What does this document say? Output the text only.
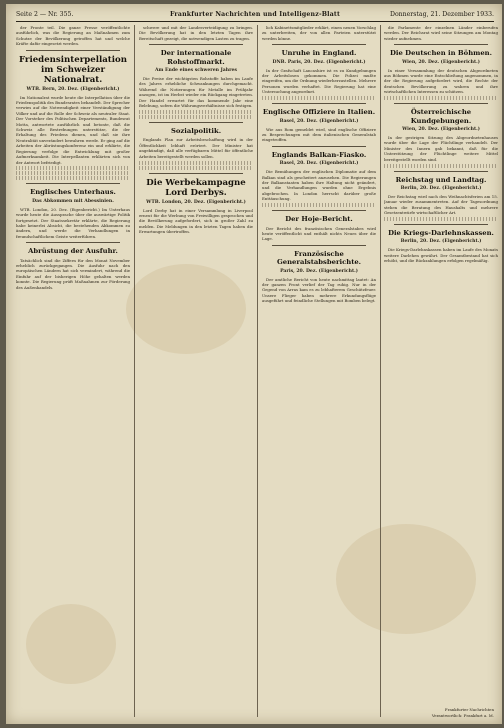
Seite 2 — Nr. 355.	Frankfurter Nachrichten und Intelligenz-Blatt	Donnerstag, 21. Dezember 1933.

der Fronte teil. Die ganze Presse veröffentlichte ausführlich, was die Regierung an Maßnahmen zum Schutze der Bevölkerung getroffen hat und welche Kräfte dafür eingesetzt werden.

Friedensinterpellation im Schweizer Nationalrat.
WTB. Bern, 20. Dez. (Eigenbericht.)

Im Nationalrat wurde heute die Interpellation über die Friedenspolitik des Bundesrates behandelt. Der Sprecher verwies auf die Notwendigkeit einer Verständigung der Völker und auf die Rolle der Schweiz als neutraler Staat. Der Vorsteher des Politischen Departements, Bundesrat Motta, antwortete ausführlich und betonte, daß die Schweiz alle Bestrebungen unterstütze, die der Erhaltung des Friedens dienen, und daß sie ihre Neutralität unverändert bewahren werde. Er ging auf die Arbeiten der Abrüstungskonferenz ein und erklärte, die Regierung verfolge die Entwicklung mit großer Aufmerksamkeit. Die Interpellanten erklärten sich von der Antwort befriedigt.

Englisches Unterhaus.
Das Abkommen mit Abessinien.

WTB. London, 20. Dez. (Eigenbericht.) Im Unterhaus wurde heute die Aussprache über die auswärtige Politik fortgesetzt. Der Staatssekretär erklärte, die Regierung habe keinerlei Absicht, die bestehenden Abkommen zu ändern, und werde die Verhandlungen in freundschaftlichem Geiste weiterführen.

Abrüstung der Ausfuhr.

Tatsächlich sind die Ziffern für den Monat November erheblich zurückgegangen. Die Ausfuhr nach den europäischen Ländern hat sich vermindert, während die Einfuhr auf der bisherigen Höhe gehalten werden konnte. Die Regierung prüft Maßnahmen zur Förderung des Außenhandels.

schwere und mit der Landesverteidigung zu bringen. Die Bevölkerung hat in den letzten Tagen ihre Bereitschaft gezeigt, die notwendigen Lasten zu tragen.

Der internationale Rohstoffmarkt.
Am Ende eines schweren Jahres

Die Preise der wichtigsten Rohstoffe haben im Laufe des Jahres erhebliche Schwankungen durchgemacht. Während die Notierungen für Metalle im Frühjahr anzogen, ist im Herbst wieder ein Rückgang eingetreten. Der Handel erwartet für das kommende Jahr eine Belebung, sofern die Währungsverhältnisse sich festigen.

Sozialpolitik.

Englands Plan zur Arbeitsbeschaffung wird in der Öffentlichkeit lebhaft erörtert. Der Minister hat angekündigt, daß alle verfügbaren Mittel für öffentliche Arbeiten bereitgestellt werden sollen.

Die Werbekampagne Lord Derbys.
WTB. London, 20. Dez. (Eigenbericht.)

Lord Derby hat in einer Versammlung in Liverpool erneut für die Werbung von Freiwilligen gesprochen und die Bevölkerung aufgefordert, sich in großer Zahl zu melden. Die Meldungen in den letzten Tagen haben die Erwartungen übertroffen.

lich Kabinettsmitglieder erklärt, einen neuen Vorschlag zu unterbreiten, der von allen Parteien unterstützt werden könne.

Unruhe in England.
DNB. Paris, 20. Dez. (Eigenbericht.)

In der Grafschaft Lancashire ist es zu Kundgebungen der Arbeitslosen gekommen. Die Polizei mußte eingreifen, um die Ordnung wiederherzustellen. Mehrere Personen wurden verhaftet. Die Regierung hat eine Untersuchung angeordnet.

Englische Offiziere in Italien.
Basel, 20. Dez. (Eigenbericht.)

Wie aus Rom gemeldet wird, sind englische Offiziere zu Besprechungen mit dem italienischen Generalstab eingetroffen.

Englands Balkan-Fiasko.
Basel, 20. Dez. (Eigenbericht.)

Die Bemühungen der englischen Diplomatie auf dem Balkan sind als gescheitert anzusehen. Die Regierungen der Balkanstaaten haben ihre Haltung nicht geändert, und die Verhandlungen wurden ohne Ergebnis abgebrochen. In London herrscht darüber große Enttäuschung.

Der Hoje-Bericht.

Der Bericht des französischen Generalstabes wird heute veröffentlicht und enthält nichts Neues über die Lage.

Französische Generalstabsberichte.
Paris, 20. Dez. (Eigenbericht.)

Der amtliche Bericht von heute nachmittag lautet: An der ganzen Front verlief der Tag ruhig. Nur in der Gegend von Arras kam es zu lebhafterem Geschützfeuer. Unsere Flieger haben mehrere Erkundungsflüge ausgeführt und feindliche Stellungen mit Bomben belegt.

die Parlamente der einzelnen Länder einberufen werden. Der Reichsrat wird seine Sitzungen am Montag wieder aufnehmen.

Die Deutschen in Böhmen.
Wien, 20. Dez. (Eigenbericht.)

In einer Versammlung der deutschen Abgeordneten aus Böhmen wurde eine Entschließung angenommen, in der die Regierung aufgefordert wird, die Rechte der deutschen Bevölkerung zu wahren und ihre wirtschaftlichen Interessen zu schützen.

Österreichische Kundgebungen.
Wien, 20. Dez. (Eigenbericht.)

In der gestrigen Sitzung des Abgeordnetenhauses wurde über die Lage der Flüchtlinge verhandelt. Der Minister des Innern gab bekannt, daß für die Unterstützung der Flüchtlinge weitere Mittel bereitgestellt worden sind.

Reichstag und Landtag.
Berlin, 20. Dez. (Eigenbericht.)

Der Reichstag wird nach den Weihnachtsferien am 15. Januar wieder zusammentreten. Auf der Tagesordnung stehen die Beratung des Haushalts und mehrere Gesetzentwürfe wirtschaftlicher Art.

Die Kriegs-Darlehnskassen.
Berlin, 20. Dez. (Eigenbericht.)

Die Kriegs-Darlehnskassen haben im Laufe des Monats weitere Darlehen gewährt. Der Gesamtbestand hat sich erhöht, und die Rückzahlungen erfolgen regelmäßig.

Frankfurter Nachrichten
Verantwortlich: Frankfurt a. M.
